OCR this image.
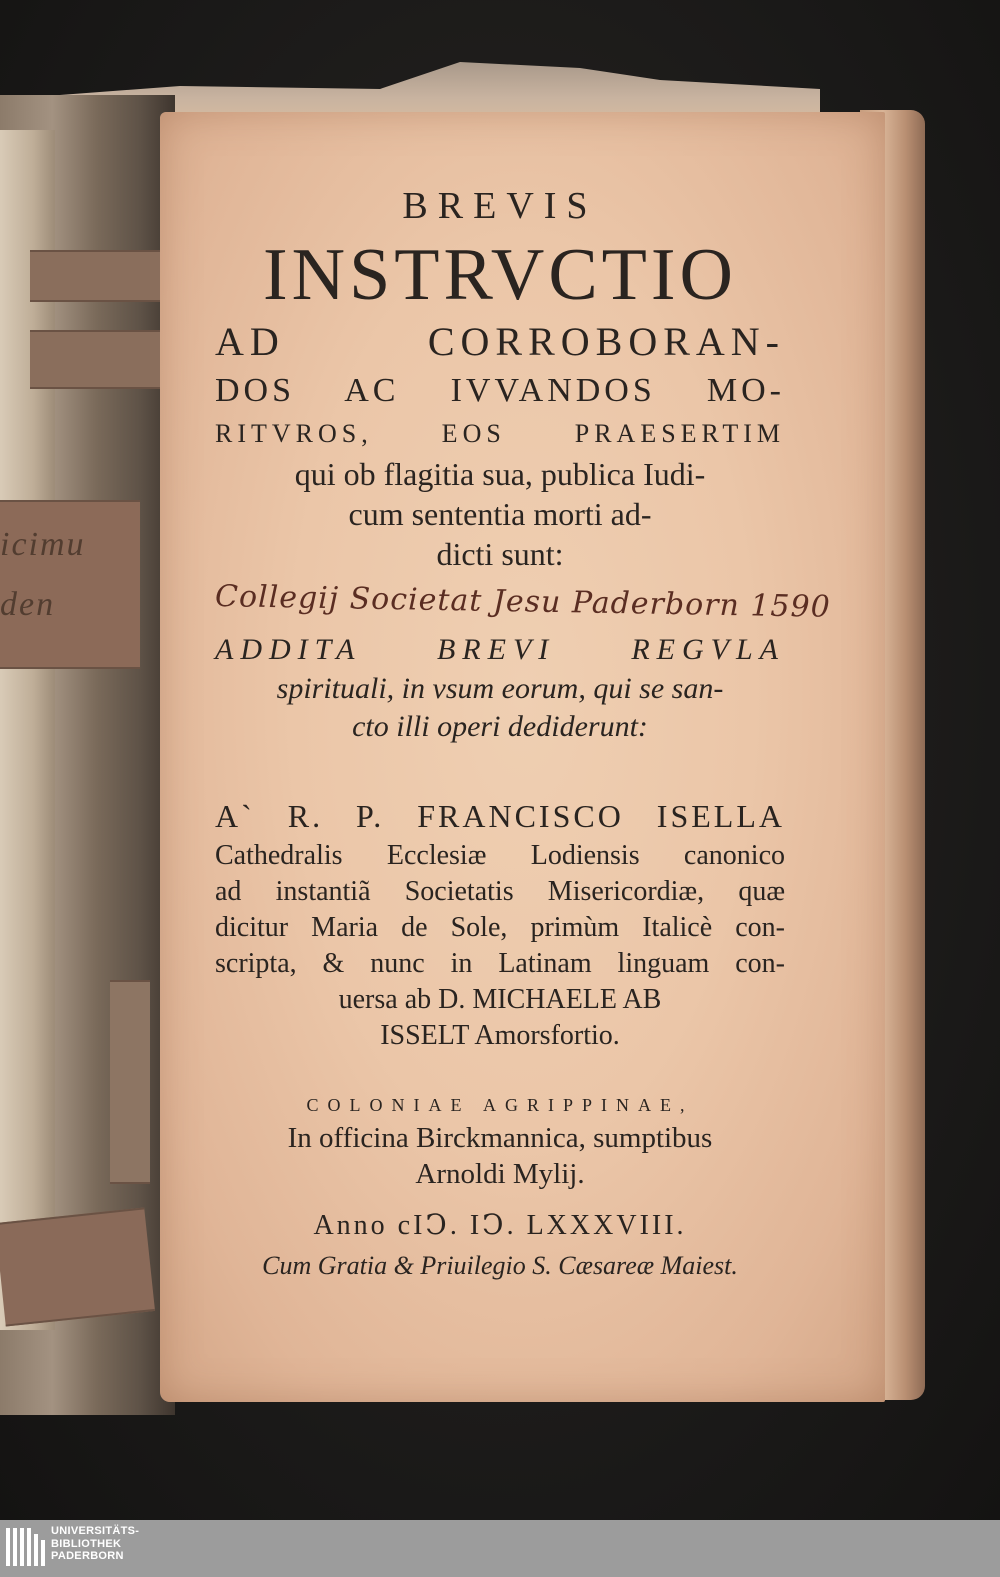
icimu
den
BREVIS
INSTRVCTIO
AD CORROBORAN-
DOS AC IVVANDOS MO-
RITVROS, EOS PRAESERTIM
qui ob flagitia sua, publica Iudi-
cum sententia morti ad-
dicti sunt:
Collegij Societat Jesu Paderborn 1590
ADDITA BREVI REGVLA
spirituali, in vsum eorum, qui se san-
cto illi operi dediderunt:
A` R. P. FRANCISCO ISELLA
Cathedralis Ecclesiæ Lodiensis canonico
ad instantiã Societatis Misericordiæ, quæ
dicitur Maria de Sole, primùm Italicè con-
scripta, & nunc in Latinam linguam con-
uersa ab D. MICHAELE AB
ISSELT Amorsfortio.
COLONIAE AGRIPPINAE,
In officina Birckmannica, sumptibus
Arnoldi Mylij.
Anno cIↃ. IↃ. LXXXVIII.
Cum Gratia & Priuilegio S. Cæsareæ Maiest.
UNIVERSITÄTS-
BIBLIOTHEK
PADERBORN
